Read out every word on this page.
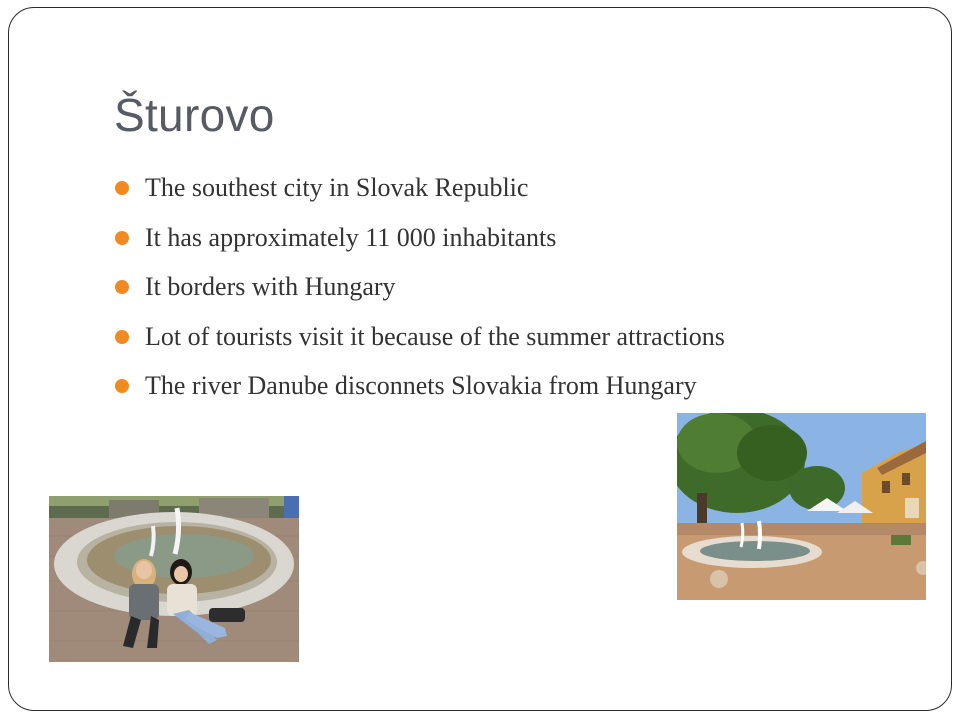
Šturovo
The southest city in Slovak Republic
It has approximately 11 000 inhabitants
It borders with Hungary
Lot of tourists visit it because of the summer attractions
The river Danube disconnets Slovakia from Hungary
